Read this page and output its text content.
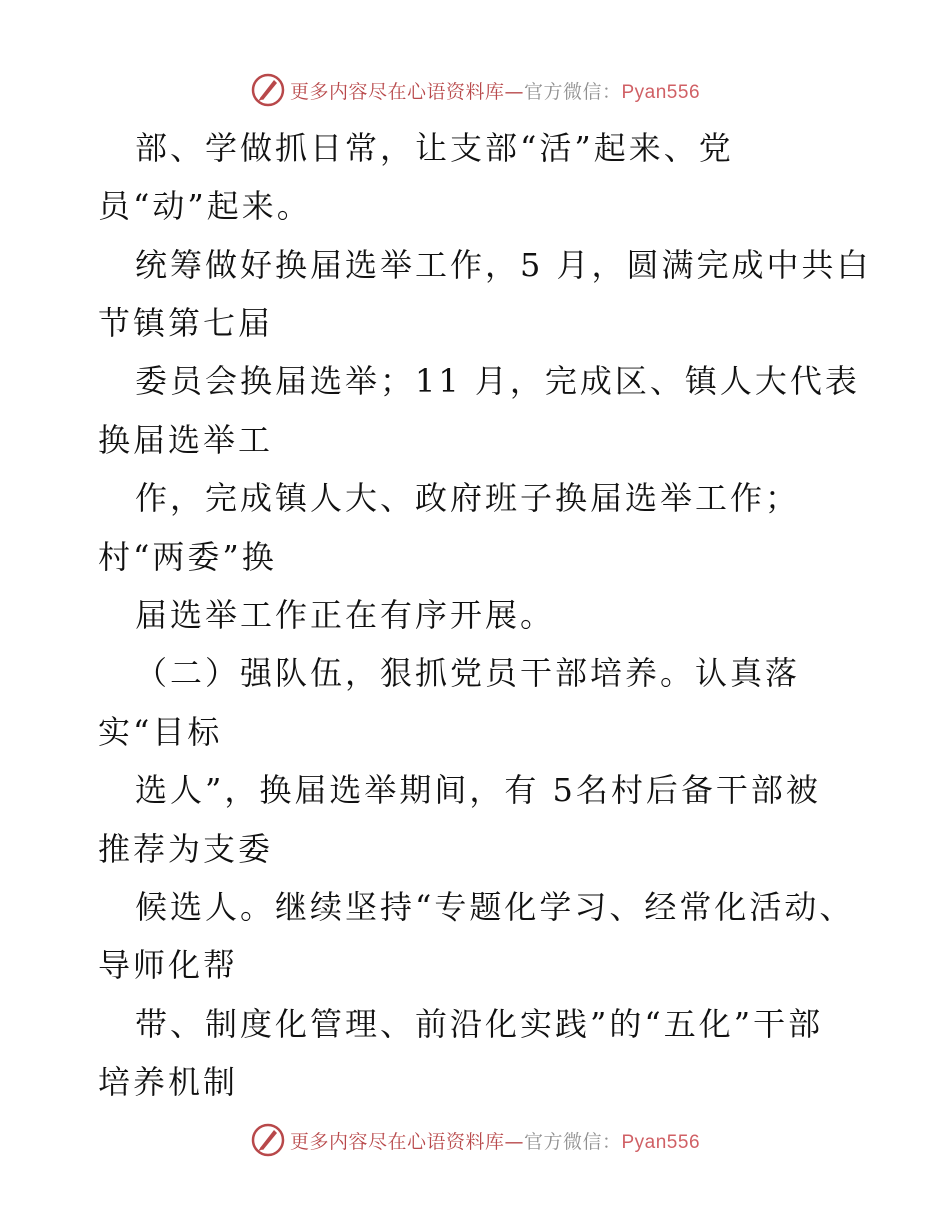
更多内容尽在心语资料库—官方微信：Pyan556
部、学做抓日常，让支部“活”起来、党
员“动”起来。
统筹做好换届选举工作，5 月，圆满完成中共白
节镇第七届
委员会换届选举；11 月，完成区、镇人大代表
换届选举工
作，完成镇人大、政府班子换届选举工作；
村“两委”换
届选举工作正在有序开展。
（二）强队伍，狠抓党员干部培养。认真落
实“目标
选人”，换届选举期间，有 5名村后备干部被
推荐为支委
候选人。继续坚持“专题化学习、经常化活动、
导师化帮
带、制度化管理、前沿化实践”的“五化”干部
培养机制
更多内容尽在心语资料库—官方微信：Pyan556
